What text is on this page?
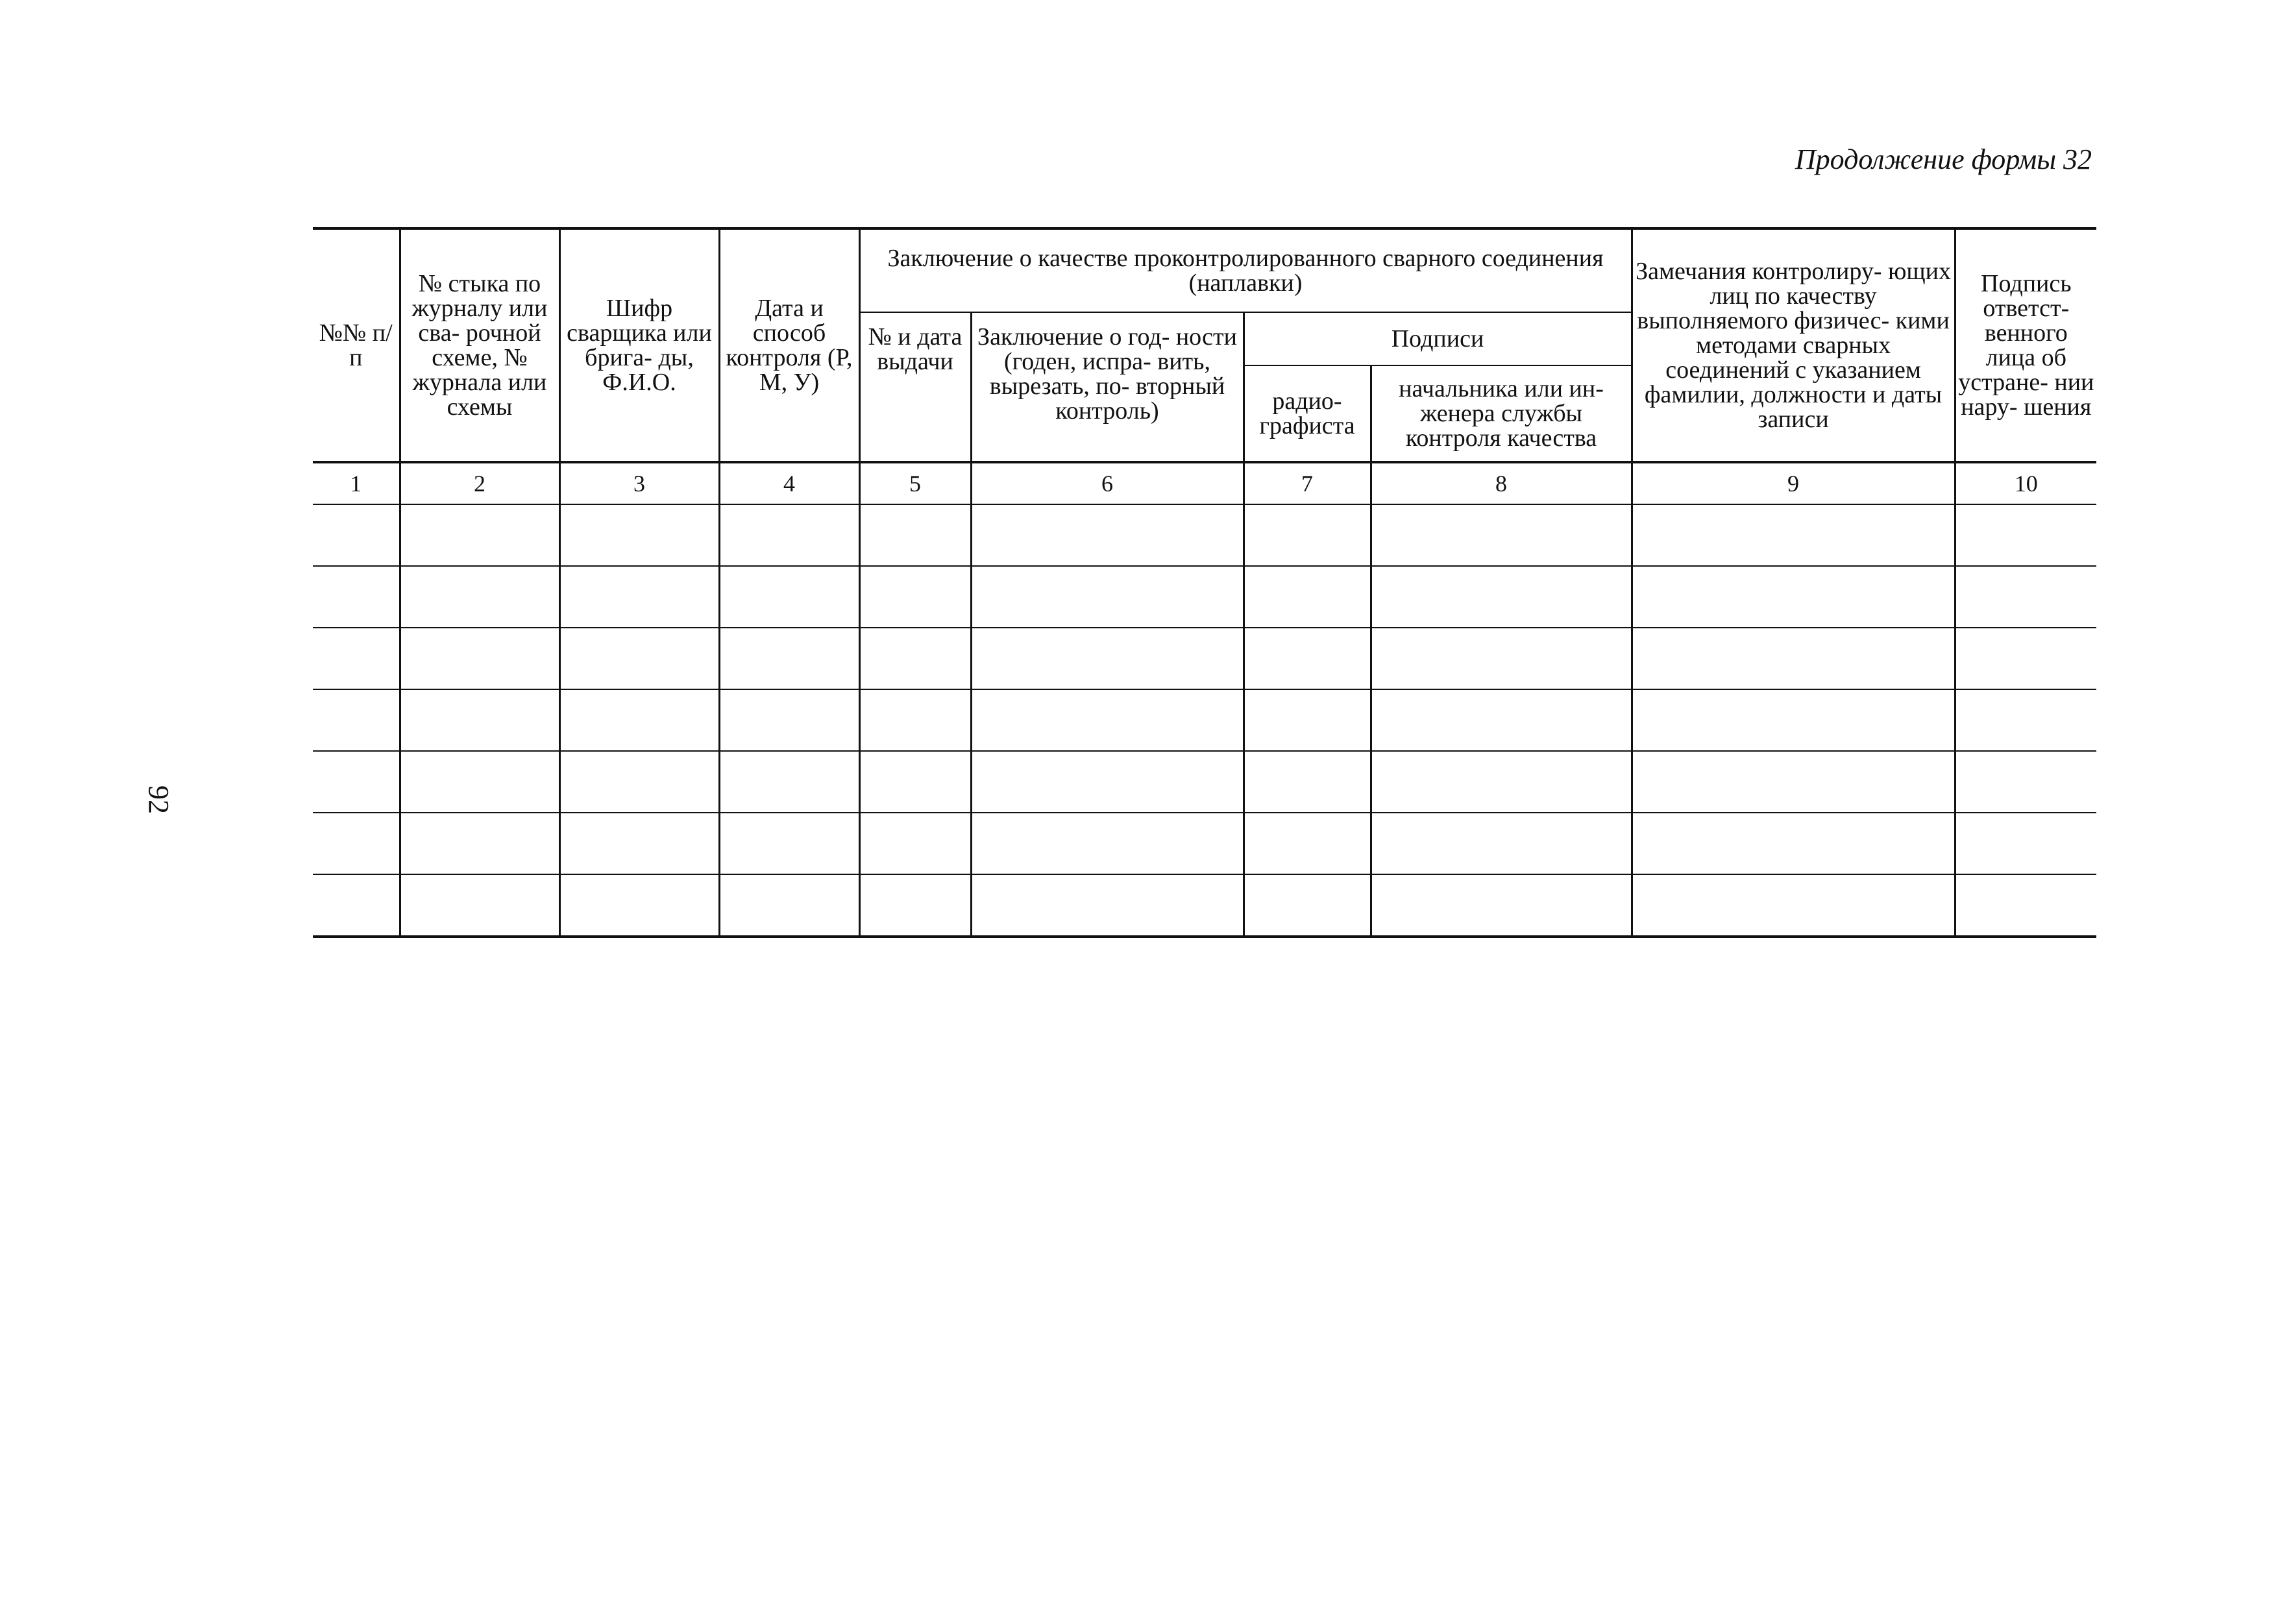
Продолжение формы 32
92
№№ п/п	№ стыка по журналу или сва- рочной схеме, № журнала или схемы	Шифр сварщика или брига- ды, Ф.И.О.	Дата и способ контроля (Р, М, У)	Заключение о качестве проконтролированного сварного соединения (наплавки)				Замечания контролиру- ющих лиц по качеству выполняемого физичес- кими методами сварных соединений с указанием фамилии, должности и даты записи	Подпись ответст- венного лица об устране- нии нару- шения
				№ и дата выдачи	Заключение о год- ности (годен, испра- вить, вырезать, по- вторный контроль)	Подписи			
						радио- графиста	начальника или ин- женера службы контроля качества		
1	2	3	4	5	6	7	8	9	10
